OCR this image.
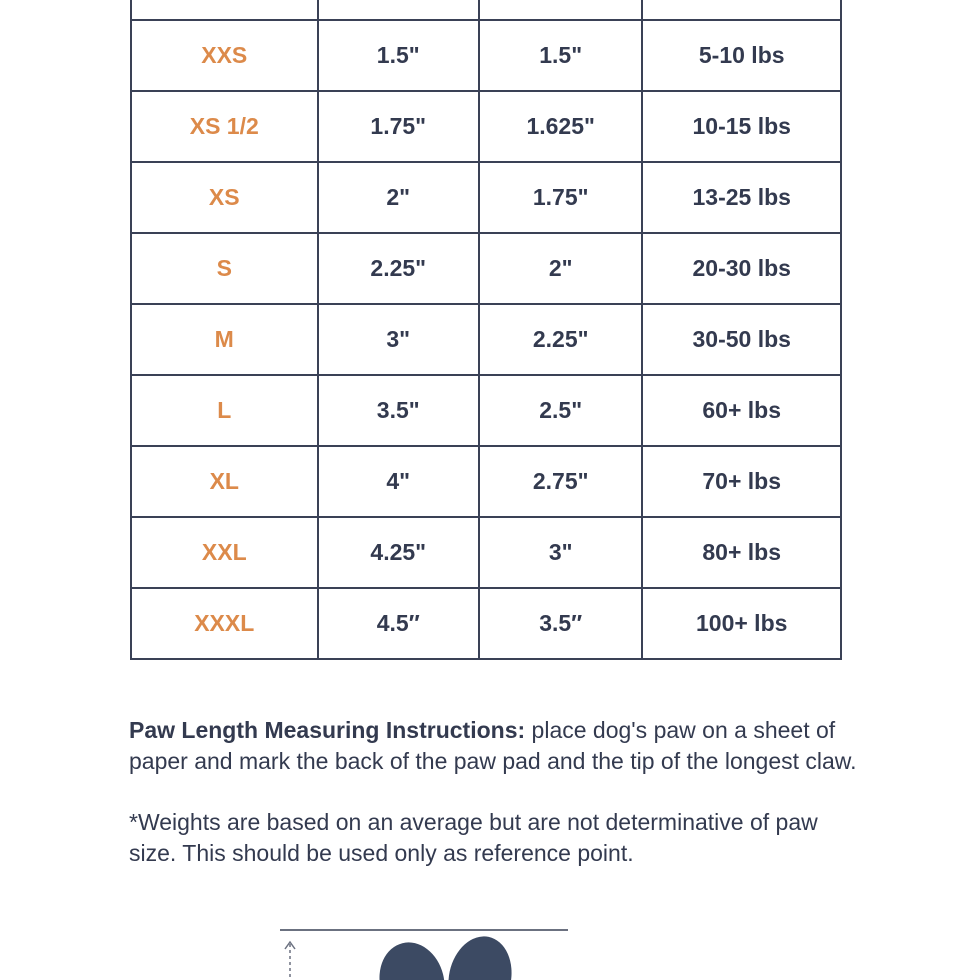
XXS	1.5"	1.5"	5-10 lbs
XS 1/2	1.75"	1.625"	10-15 lbs
XS	2"	1.75"	13-25 lbs
S	2.25"	2"	20-30 lbs
M	3"	2.25"	30-50 lbs
L	3.5"	2.5"	60+ lbs
XL	4"	2.75"	70+ lbs
XXL	4.25"	3"	80+ lbs
XXXL	4.5″	3.5″	100+ lbs

Paw Length Measuring Instructions: place dog's paw on a sheet of paper and mark the back of the paw pad and the tip of the longest claw.

*Weights are based on an average but are not determinative of paw size. This should be used only as reference point.
